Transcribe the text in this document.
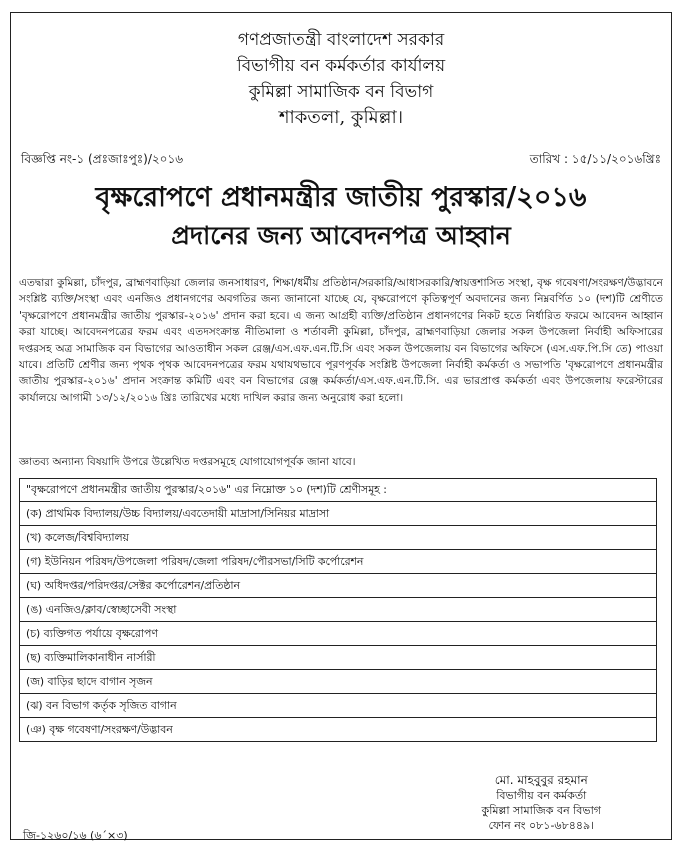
গণপ্রজাতন্ত্রী বাংলাদেশ সরকার
বিভাগীয় বন কর্মকর্তার কার্যালয়
কুমিল্লা সামাজিক বন বিভাগ
শাকতলা, কুমিল্লা।
বিজ্ঞপ্তি নং-১ (প্রঃজাঃপুঃ)/২০১৬	তারিখ : ১৫/১১/২০১৬খ্রিঃ
বৃক্ষরোপণে প্রধানমন্ত্রীর জাতীয় পুরস্কার/২০১৬
প্রদানের জন্য আবেদনপত্র আহ্বান

এতদ্বারা কুমিল্লা, চাঁদপুর, ব্রাহ্মণবাড়িয়া জেলার জনসাধারণ, শিক্ষা/ধর্মীয় প্রতিষ্ঠান/সরকারি/আধাসরকারি/স্বায়ত্তশাসিত সংস্থা, বৃক্ষ গবেষণা/সংরক্ষণ/উদ্ভাবনে সংশ্লিষ্ট ব্যক্তি/সংস্থা এবং এনজিও প্রধানগণের অবগতির জন্য জানানো যাচ্ছে যে, বৃক্ষরোপণে কৃতিত্বপূর্ণ অবদানের জন্য নিম্নবর্ণিত ১০ (দশ)টি শ্রেণীতে 'বৃক্ষরোপণে প্রধানমন্ত্রীর জাতীয় পুরস্কার-২০১৬' প্রদান করা হবে। এ জন্য আগ্রহী ব্যক্তি/প্রতিষ্ঠান প্রধানগণের নিকট হতে নির্ধারিত ফরমে আবেদন আহ্বান করা যাচ্ছে। আবেদনপত্রের ফরম এবং এতদসংক্রান্ত নীতিমালা ও শর্তাবলী কুমিল্লা, চাঁদপুর, ব্রাহ্মণবাড়িয়া জেলার সকল উপজেলা নির্বাহী অফিসারের দপ্তরসহ অত্র সামাজিক বন বিভাগের আওতাধীন সকল রেঞ্জ/এস.এফ.এন.টি.সি এবং সকল উপজেলায় বন বিভাগের অফিসে (এস.এফ.পি.সি তে) পাওয়া যাবে। প্রতিটি শ্রেণীর জন্য পৃথক পৃথক আবেদনপত্রের ফরম যথাযথভাবে পূরণপূর্বক সংশ্লিষ্ট উপজেলা নির্বাহী কর্মকর্তা ও সভাপতি 'বৃক্ষরোপণে প্রধানমন্ত্রীর জাতীয় পুরস্কার-২০১৬' প্রদান সংক্রান্ত কমিটি এবং বন বিভাগের রেঞ্জ কর্মকর্তা/এস.এফ.এন.টি.সি. এর ভারপ্রাপ্ত কর্মকর্তা এবং উপজেলায় ফরেস্টারের কার্যালয়ে আগামী ১৩/১২/২০১৬ খ্রিঃ তারিখের মধ্যে দাখিল করার জন্য অনুরোধ করা হলো।

জ্ঞাতব্য অন্যান্য বিষয়াদি উপরে উল্লেখিত দপ্তরসমূহে যোগাযোগপূর্বক জানা যাবে।
"বৃক্ষরোপণে প্রধানমন্ত্রীর জাতীয় পুরস্কার/২০১৬" এর নিম্নোক্ত ১০ (দশ)টি শ্রেণীসমূহ :
(ক) প্রাথমিক বিদ্যালয়/উচ্চ বিদ্যালয়/এবতেদায়ী মাদ্রাসা/সিনিয়র মাদ্রাসা
(খ) কলেজ/বিশ্ববিদ্যালয়
(গ) ইউনিয়ন পরিষদ/উপজেলা পরিষদ/জেলা পরিষদ/পৌরসভা/সিটি কর্পোরেশন
(ঘ) অধিদপ্তর/পরিদপ্তর/সেক্টর কর্পোরেশন/প্রতিষ্ঠান
(ঙ) এনজিও/ক্লাব/স্বেচ্ছাসেবী সংস্থা
(চ) ব্যক্তিগত পর্যায়ে বৃক্ষরোপণ
(ছ) ব্যক্তিমালিকানাধীন নার্সারী
(জ) বাড়ির ছাদে বাগান সৃজন
(ঝ) বন বিভাগ কর্তৃক সৃজিত বাগান
(ঞ) বৃক্ষ গবেষণা/সংরক্ষণ/উদ্ভাবন
মো. মাহবুবুর রহমান
বিভাগীয় বন কর্মকর্তা
কুমিল্লা সামাজিক বন বিভাগ
ফোন নং ০৮১-৬৮৪৪৯।
জি-১২৬০/১৬ (৬´×৩)
